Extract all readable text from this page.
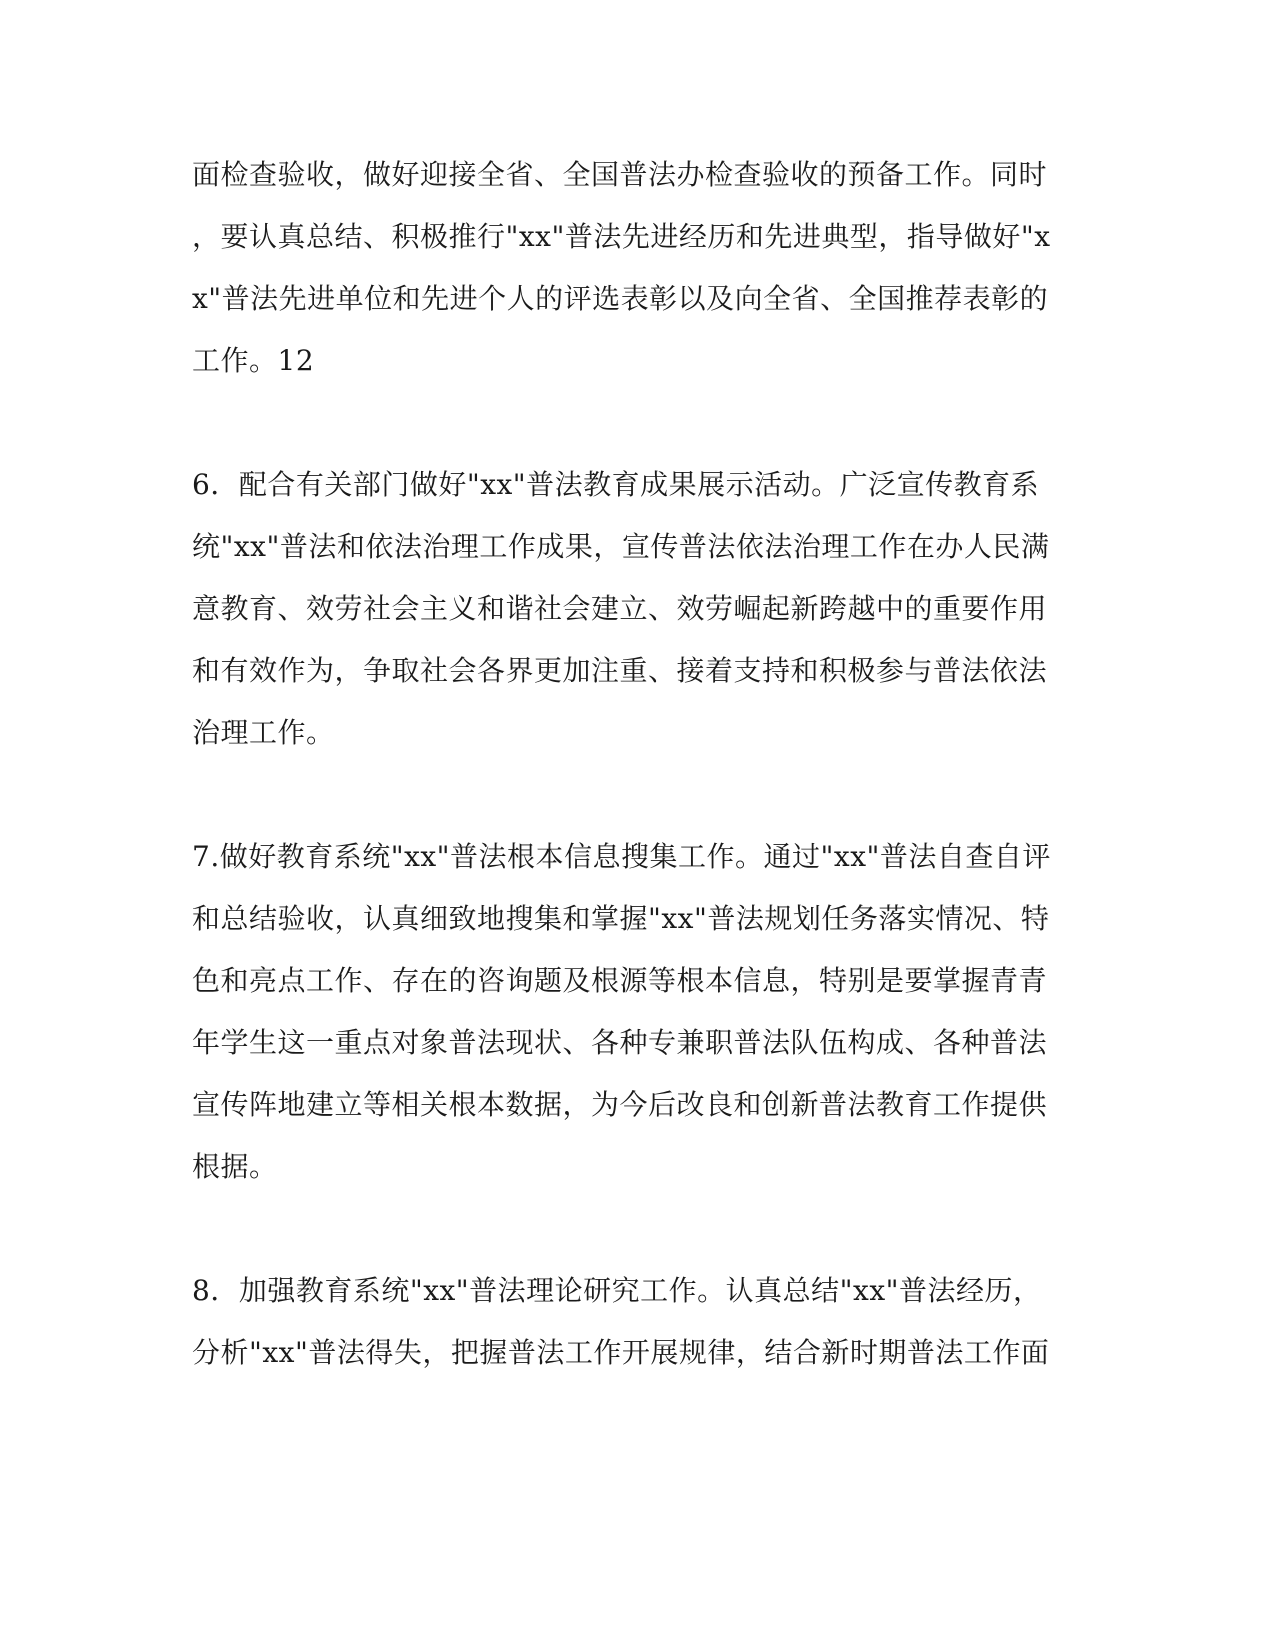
面检查验收，做好迎接全省、全国普法办检查验收的预备工作。同时
，要认真总结、积极推行"xx"普法先进经历和先进典型，指导做好"x
x"普法先进单位和先进个人的评选表彰以及向全省、全国推荐表彰的
工作。12
6．配合有关部门做好"xx"普法教育成果展示活动。广泛宣传教育系
统"xx"普法和依法治理工作成果，宣传普法依法治理工作在办人民满
意教育、效劳社会主义和谐社会建立、效劳崛起新跨越中的重要作用
和有效作为，争取社会各界更加注重、接着支持和积极参与普法依法
治理工作。
7.做好教育系统"xx"普法根本信息搜集工作。通过"xx"普法自查自评
和总结验收，认真细致地搜集和掌握"xx"普法规划任务落实情况、特
色和亮点工作、存在的咨询题及根源等根本信息，特别是要掌握青青
年学生这一重点对象普法现状、各种专兼职普法队伍构成、各种普法
宣传阵地建立等相关根本数据，为今后改良和创新普法教育工作提供
根据。
8．加强教育系统"xx"普法理论研究工作。认真总结"xx"普法经历，
分析"xx"普法得失，把握普法工作开展规律，结合新时期普法工作面
